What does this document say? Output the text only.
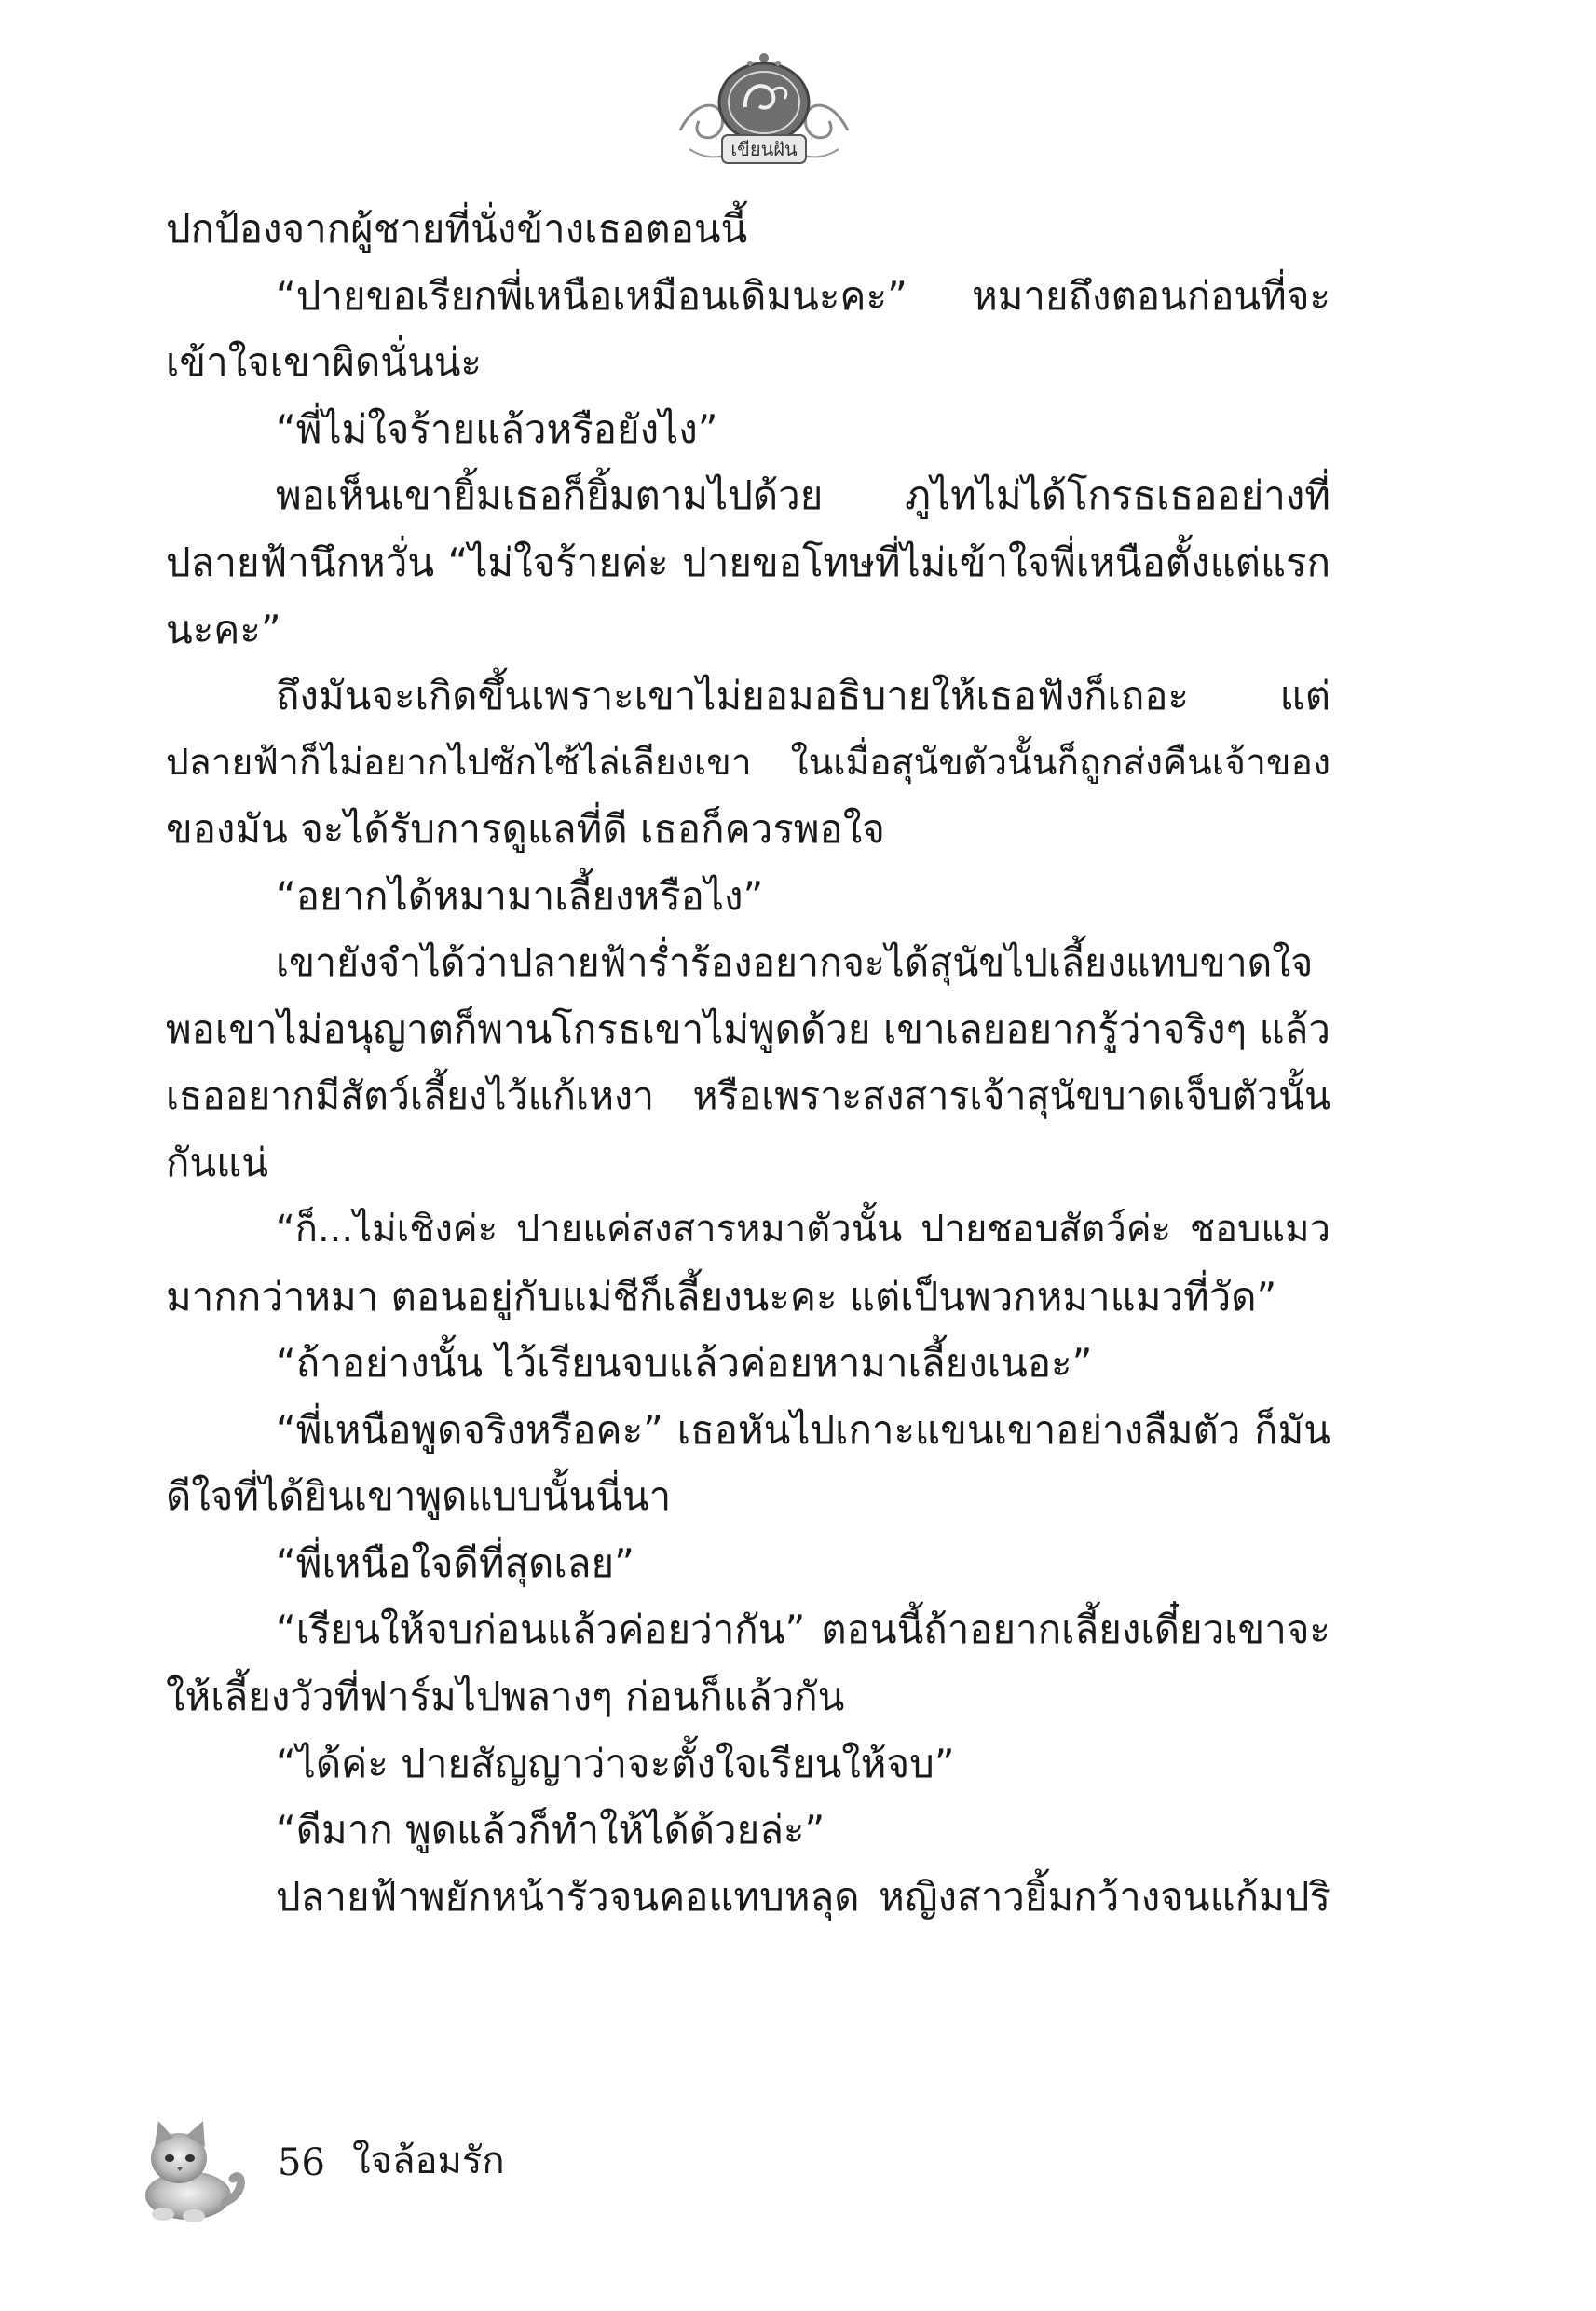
เขียนฝัน
ปกป้องจากผู้ชายที่นั่งข้างเธอตอนนี้
“ปายขอเรียกพี่เหนือเหมือนเดิมนะคะ” หมายถึงตอนก่อนที่จะ
เข้าใจเขาผิดนั่นน่ะ
“พี่ไม่ใจร้ายแล้วหรือยังไง”
พอเห็นเขายิ้มเธอก็ยิ้มตามไปด้วย ภูไทไม่ได้โกรธเธออย่างที่
ปลายฟ้านึกหวั่น “ไม่ใจร้ายค่ะ ปายขอโทษที่ไม่เข้าใจพี่เหนือตั้งแต่แรก
นะคะ”
ถึงมันจะเกิดขึ้นเพราะเขาไม่ยอมอธิบายให้เธอฟังก็เถอะ แต่
ปลายฟ้าก็ไม่อยากไปซักไซ้ไล่เลียงเขา ในเมื่อสุนัขตัวนั้นก็ถูกส่งคืนเจ้าของ
ของมัน จะได้รับการดูแลที่ดี เธอก็ควรพอใจ
“อยากได้หมามาเลี้ยงหรือไง”
เขายังจำได้ว่าปลายฟ้าร่ำร้องอยากจะได้สุนัขไปเลี้ยงแทบขาดใจ
พอเขาไม่อนุญาตก็พานโกรธเขาไม่พูดด้วย เขาเลยอยากรู้ว่าจริงๆ แล้ว
เธออยากมีสัตว์เลี้ยงไว้แก้เหงา หรือเพราะสงสารเจ้าสุนัขบาดเจ็บตัวนั้น
กันแน่
“ก็...ไม่เชิงค่ะ ปายแค่สงสารหมาตัวนั้น ปายชอบสัตว์ค่ะ ชอบแมว
มากกว่าหมา ตอนอยู่กับแม่ชีก็เลี้ยงนะคะ แต่เป็นพวกหมาแมวที่วัด”
“ถ้าอย่างนั้น ไว้เรียนจบแล้วค่อยหามาเลี้ยงเนอะ”
“พี่เหนือพูดจริงหรือคะ” เธอหันไปเกาะแขนเขาอย่างลืมตัว ก็มัน
ดีใจที่ได้ยินเขาพูดแบบนั้นนี่นา
“พี่เหนือใจดีที่สุดเลย”
“เรียนให้จบก่อนแล้วค่อยว่ากัน” ตอนนี้ถ้าอยากเลี้ยงเดี๋ยวเขาจะ
ให้เลี้ยงวัวที่ฟาร์มไปพลางๆ ก่อนก็แล้วกัน
“ได้ค่ะ ปายสัญญาว่าจะตั้งใจเรียนให้จบ”
“ดีมาก พูดแล้วก็ทำให้ได้ด้วยล่ะ”
ปลายฟ้าพยักหน้ารัวจนคอแทบหลุด หญิงสาวยิ้มกว้างจนแก้มปริ
56 ใจล้อมรัก
